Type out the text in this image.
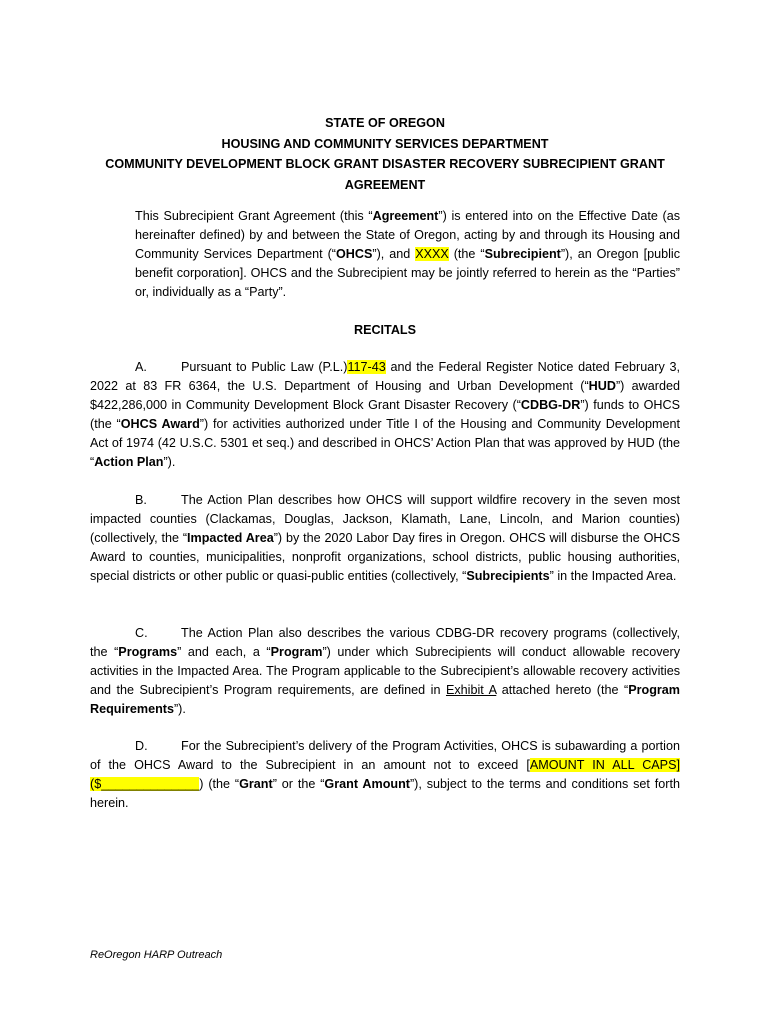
STATE OF OREGON
HOUSING AND COMMUNITY SERVICES DEPARTMENT
COMMUNITY DEVELOPMENT BLOCK GRANT DISASTER RECOVERY SUBRECIPIENT GRANT
AGREEMENT

This Subrecipient Grant Agreement (this “Agreement”) is entered into on the Effective Date (as hereinafter defined) by and between the State of Oregon, acting by and through its Housing and Community Services Department (“OHCS”), and XXXX (the “Subrecipient”), an Oregon [public benefit corporation]. OHCS and the Subrecipient may be jointly referred to herein as the “Parties” or, individually as a “Party”.

RECITALS

A.	Pursuant to Public Law (P.L.)117-43 and the Federal Register Notice dated February 3, 2022 at 83 FR 6364, the U.S. Department of Housing and Urban Development (“HUD”) awarded $422,286,000 in Community Development Block Grant Disaster Recovery (“CDBG-DR”) funds to OHCS (the “OHCS Award”) for activities authorized under Title I of the Housing and Community Development Act of 1974 (42 U.S.C. 5301 et seq.) and described in OHCS’ Action Plan that was approved by HUD (the “Action Plan”).

B.	The Action Plan describes how OHCS will support wildfire recovery in the seven most impacted counties (Clackamas, Douglas, Jackson, Klamath, Lane, Lincoln, and Marion counties) (collectively, the “Impacted Area”) by the 2020 Labor Day fires in Oregon. OHCS will disburse the OHCS Award to counties, municipalities, nonprofit organizations, school districts, public housing authorities, special districts or other public or quasi-public entities (collectively, “Subrecipients” in the Impacted Area.

C.	The Action Plan also describes the various CDBG-DR recovery programs (collectively, the “Programs” and each, a “Program”) under which Subrecipients will conduct allowable recovery activities in the Impacted Area. The Program applicable to the Subrecipient’s allowable recovery activities and the Subrecipient’s Program requirements, are defined in Exhibit A attached hereto (the “Program Requirements”).

D.	For the Subrecipient’s delivery of the Program Activities, OHCS is subawarding a portion of the OHCS Award to the Subrecipient in an amount not to exceed [AMOUNT IN ALL CAPS] ($______________) (the “Grant” or the “Grant Amount”), subject to the terms and conditions set forth herein.

ReOregon HARP Outreach
